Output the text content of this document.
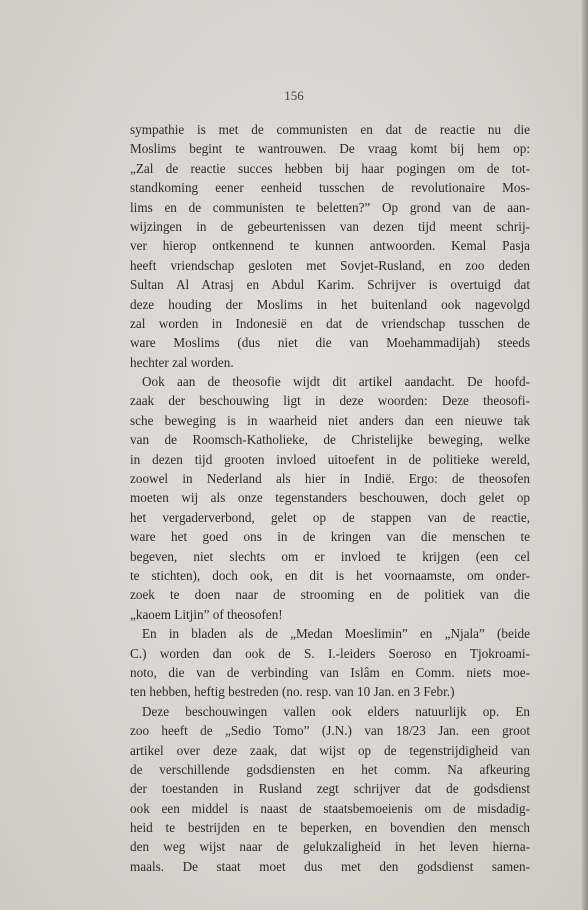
156
sympathie is met de communisten en dat de reactie nu die
Moslims begint te wantrouwen. De vraag komt bij hem op:
„Zal de reactie succes hebben bij haar pogingen om de tot-
standkoming eener eenheid tusschen de revolutionaire Mos-
lims en de communisten te beletten?” Op grond van de aan-
wijzingen in de gebeurtenissen van dezen tijd meent schrij-
ver hierop ontkennend te kunnen antwoorden. Kemal Pasja
heeft vriendschap gesloten met Sovjet-Rusland, en zoo deden
Sultan Al Atrasj en Abdul Karim. Schrijver is overtuigd dat
deze houding der Moslims in het buitenland ook nagevolgd
zal worden in Indonesië en dat de vriendschap tusschen de
ware Moslims (dus niet die van Moehammadijah) steeds
hechter zal worden.
Ook aan de theosofie wijdt dit artikel aandacht. De hoofd-
zaak der beschouwing ligt in deze woorden: Deze theosofi-
sche beweging is in waarheid niet anders dan een nieuwe tak
van de Roomsch-Katholieke, de Christelijke beweging, welke
in dezen tijd grooten invloed uitoefent in de politieke wereld,
zoowel in Nederland als hier in Indië. Ergo: de theosofen
moeten wij als onze tegenstanders beschouwen, doch gelet op
het vergaderverbond, gelet op de stappen van de reactie,
ware het goed ons in de kringen van die menschen te
begeven, niet slechts om er invloed te krijgen (een cel
te stichten), doch ook, en dit is het voornaamste, om onder-
zoek te doen naar de strooming en de politiek van die
„kaoem Litjin” of theosofen!
En in bladen als de „Medan Moeslimin” en „Njala” (beide
C.) worden dan ook de S. I.-leiders Soeroso en Tjokroami-
noto, die van de verbinding van Islâm en Comm. niets moe-
ten hebben, heftig bestreden (no. resp. van 10 Jan. en 3 Febr.)
Deze beschouwingen vallen ook elders natuurlijk op. En
zoo heeft de „Sedio Tomo” (J.N.) van 18/23 Jan. een groot
artikel over deze zaak, dat wijst op de tegenstrijdigheid van
de verschillende godsdiensten en het comm. Na afkeuring
der toestanden in Rusland zegt schrijver dat de godsdienst
ook een middel is naast de staatsbemoeienis om de misdadig-
heid te bestrijden en te beperken, en bovendien den mensch
den weg wijst naar de gelukzaligheid in het leven hierna-
maals. De staat moet dus met den godsdienst samen-
